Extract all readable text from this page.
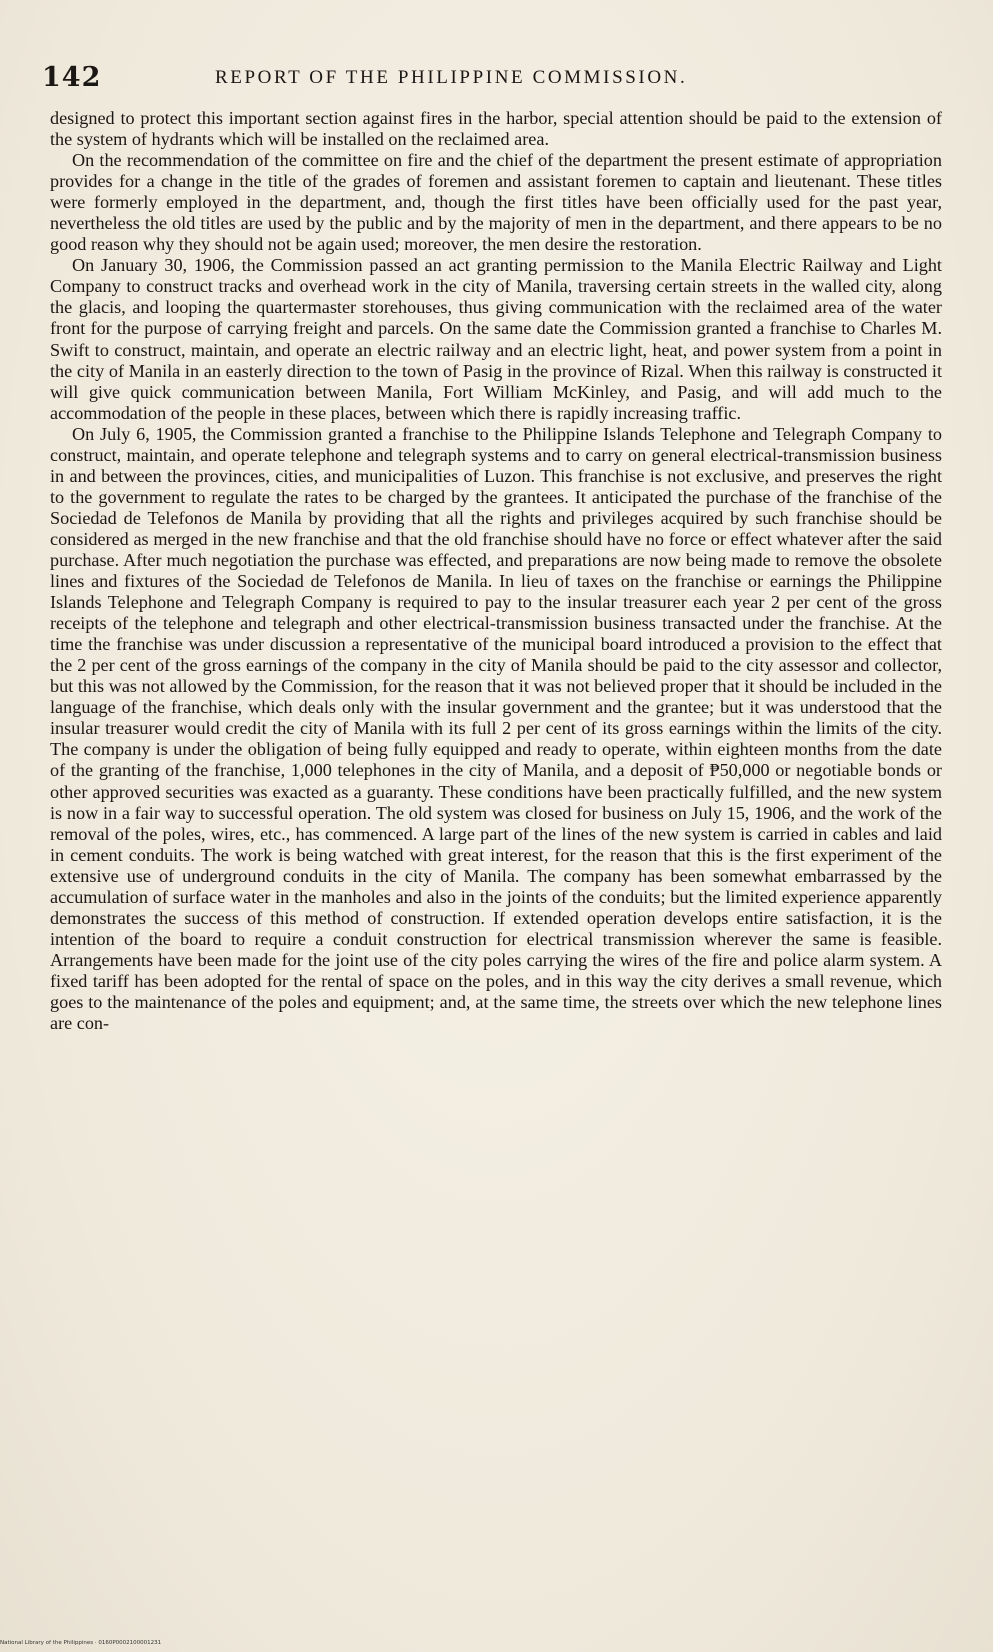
142	REPORT OF THE PHILIPPINE COMMISSION.

designed to protect this important section against fires in the harbor, special attention should be paid to the extension of the system of hydrants which will be installed on the reclaimed area.

On the recommendation of the committee on fire and the chief of the department the present estimate of appropriation provides for a change in the title of the grades of foremen and assistant foremen to captain and lieutenant. These titles were formerly employed in the department, and, though the first titles have been officially used for the past year, nevertheless the old titles are used by the public and by the majority of men in the department, and there appears to be no good reason why they should not be again used; moreover, the men desire the restoration.

On January 30, 1906, the Commission passed an act granting permission to the Manila Electric Railway and Light Company to construct tracks and overhead work in the city of Manila, traversing certain streets in the walled city, along the glacis, and looping the quartermaster storehouses, thus giving communication with the reclaimed area of the water front for the purpose of carrying freight and parcels. On the same date the Commission granted a franchise to Charles M. Swift to construct, maintain, and operate an electric railway and an electric light, heat, and power system from a point in the city of Manila in an easterly direction to the town of Pasig in the province of Rizal. When this railway is constructed it will give quick communication between Manila, Fort William McKinley, and Pasig, and will add much to the accommodation of the people in these places, between which there is rapidly increasing traffic.

On July 6, 1905, the Commission granted a franchise to the Philippine Islands Telephone and Telegraph Company to construct, maintain, and operate telephone and telegraph systems and to carry on general electrical-transmission business in and between the provinces, cities, and municipalities of Luzon. This franchise is not exclusive, and preserves the right to the government to regulate the rates to be charged by the grantees. It anticipated the purchase of the franchise of the Sociedad de Telefonos de Manila by providing that all the rights and privileges acquired by such franchise should be considered as merged in the new franchise and that the old franchise should have no force or effect whatever after the said purchase. After much negotiation the purchase was effected, and preparations are now being made to remove the obsolete lines and fixtures of the Sociedad de Telefonos de Manila. In lieu of taxes on the franchise or earnings the Philippine Islands Telephone and Telegraph Company is required to pay to the insular treasurer each year 2 per cent of the gross receipts of the telephone and telegraph and other electrical-transmission business transacted under the franchise. At the time the franchise was under discussion a representative of the municipal board introduced a provision to the effect that the 2 per cent of the gross earnings of the company in the city of Manila should be paid to the city assessor and collector, but this was not allowed by the Commission, for the reason that it was not believed proper that it should be included in the language of the franchise, which deals only with the insular government and the grantee; but it was understood that the insular treasurer would credit the city of Manila with its full 2 per cent of its gross earnings within the limits of the city. The company is under the obligation of being fully equipped and ready to operate, within eighteen months from the date of the granting of the franchise, 1,000 telephones in the city of Manila, and a deposit of ₱50,000 or negotiable bonds or other approved securities was exacted as a guaranty. These conditions have been practically fulfilled, and the new system is now in a fair way to successful operation. The old system was closed for business on July 15, 1906, and the work of the removal of the poles, wires, etc., has commenced. A large part of the lines of the new system is carried in cables and laid in cement conduits. The work is being watched with great interest, for the reason that this is the first experiment of the extensive use of underground conduits in the city of Manila. The company has been somewhat embarrassed by the accumulation of surface water in the manholes and also in the joints of the conduits; but the limited experience apparently demonstrates the success of this method of construction. If extended operation develops entire satisfaction, it is the intention of the board to require a conduit construction for electrical transmission wherever the same is feasible. Arrangements have been made for the joint use of the city poles carrying the wires of the fire and police alarm system. A fixed tariff has been adopted for the rental of space on the poles, and in this way the city derives a small revenue, which goes to the maintenance of the poles and equipment; and, at the same time, the streets over which the new telephone lines are con-

National Library of the Philippines · 0160P0002100001231
